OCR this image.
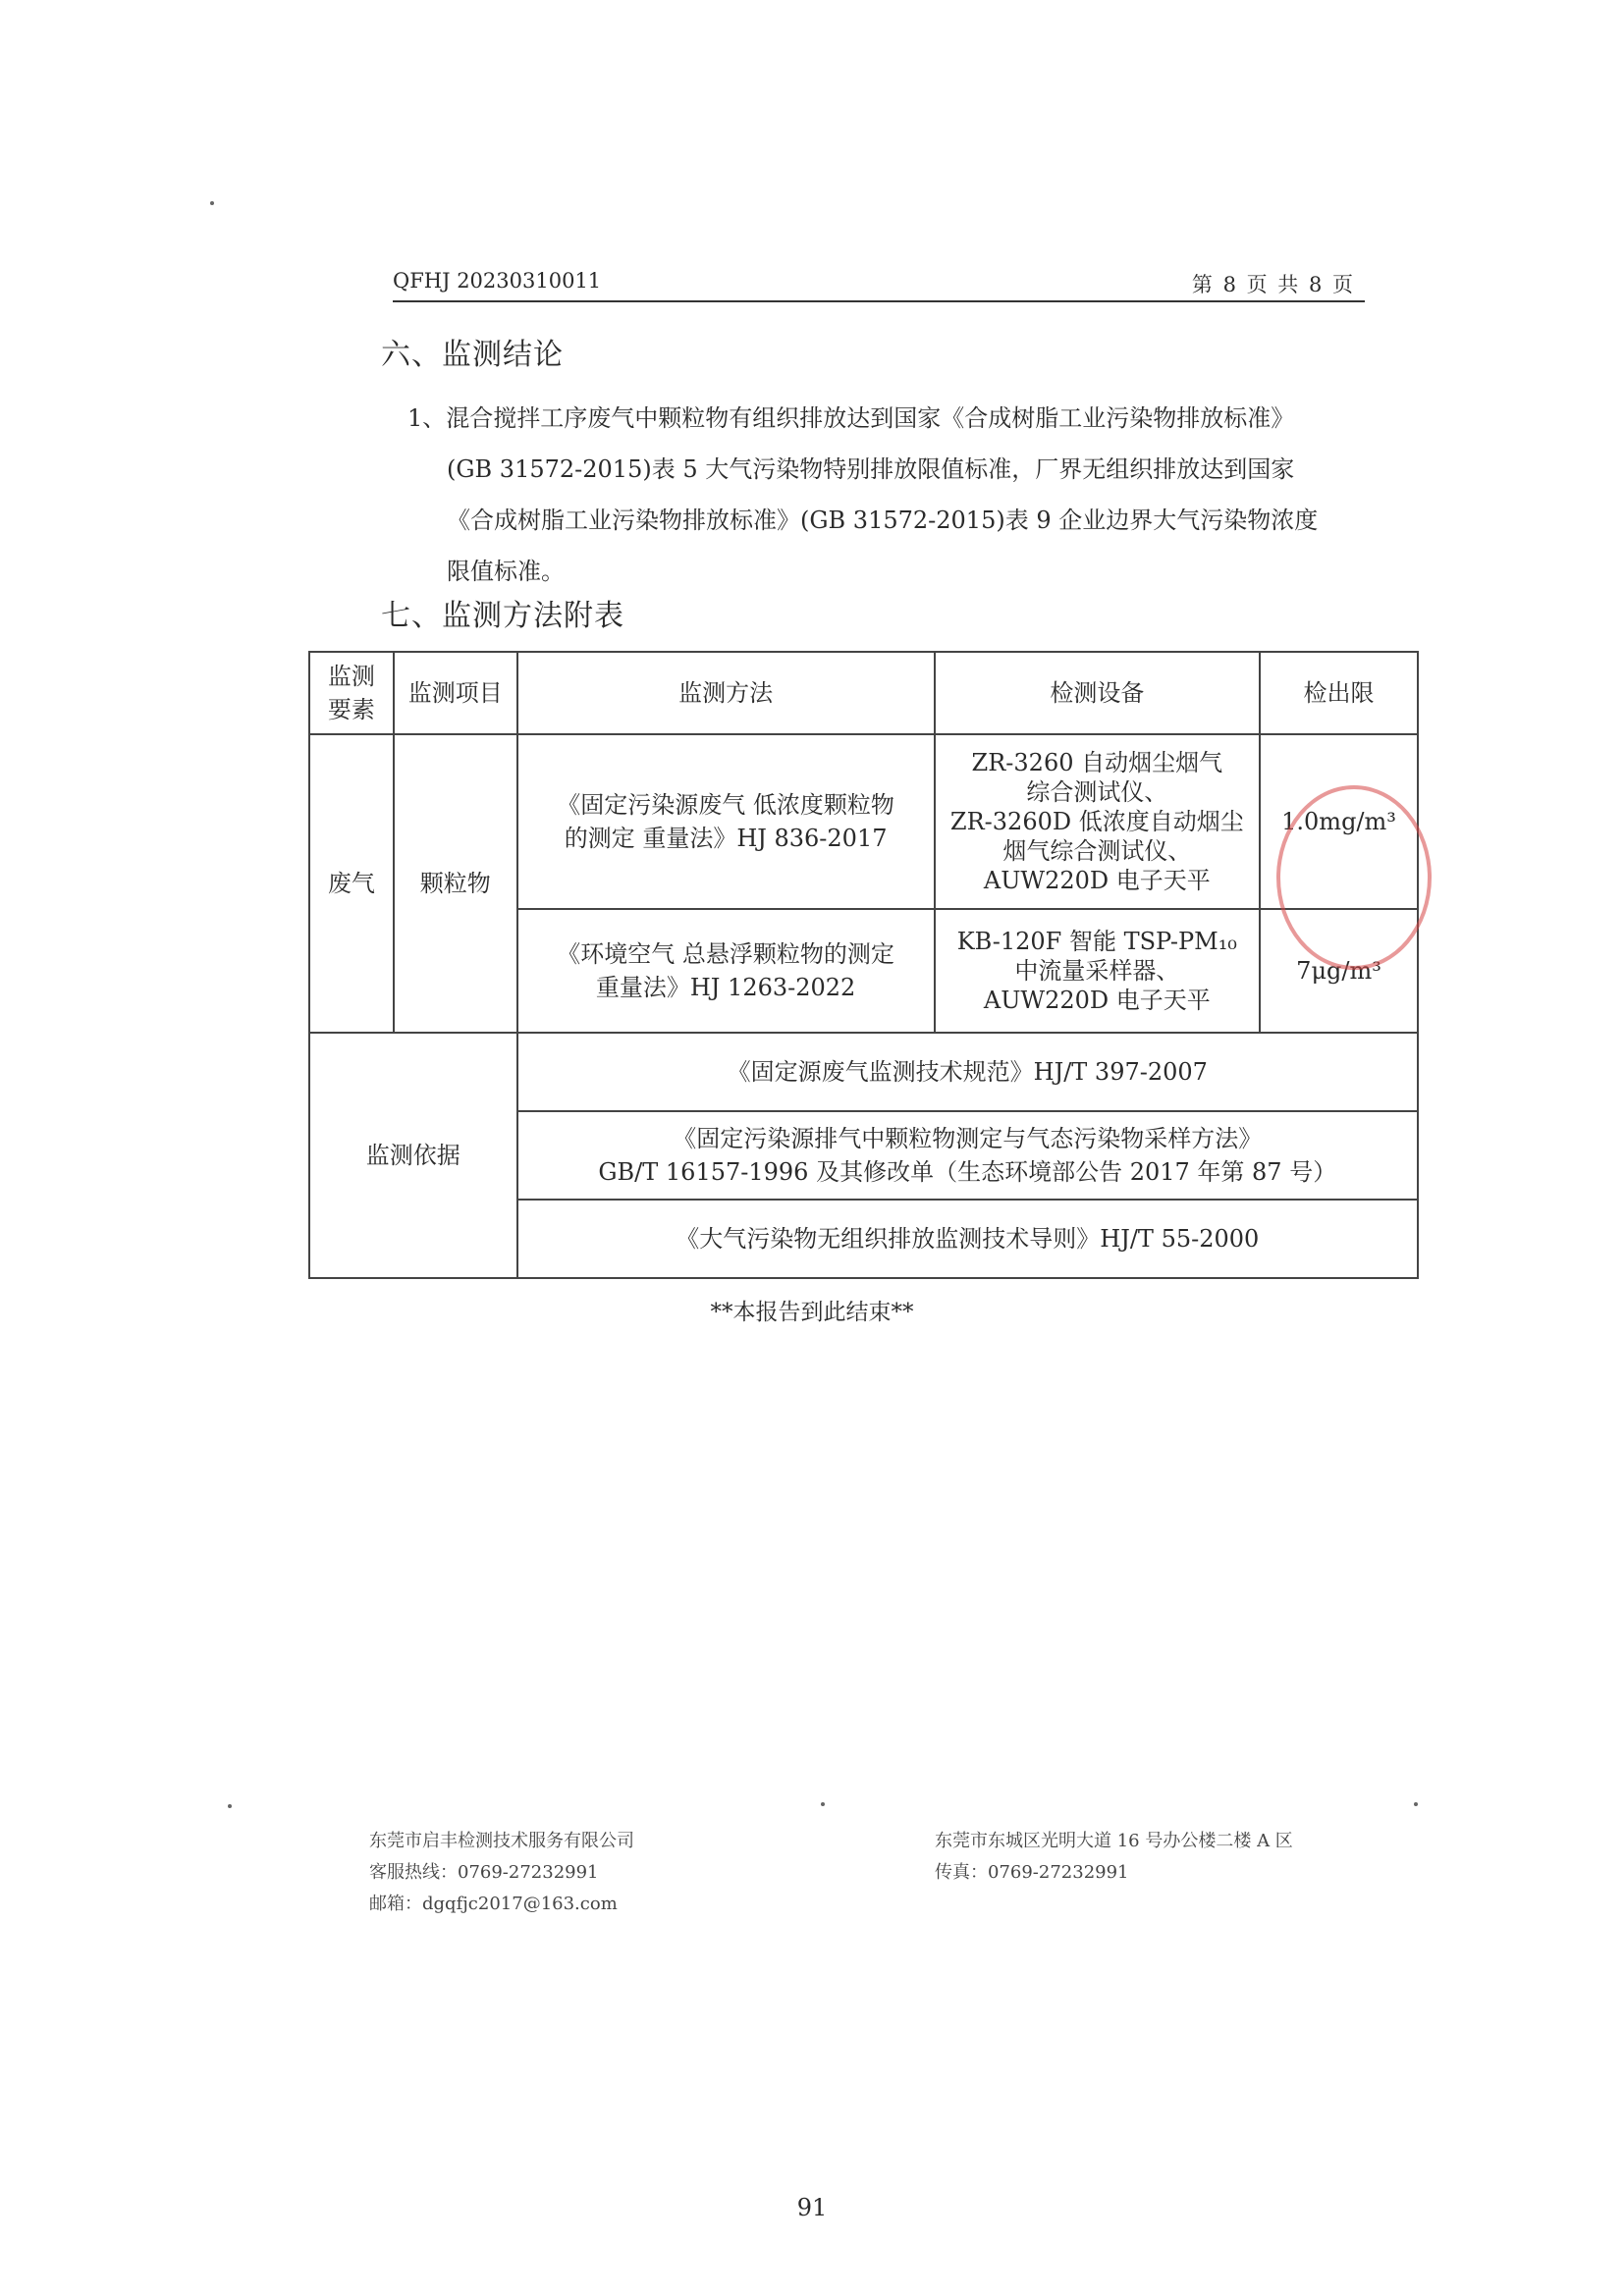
QFHJ 20230310011	第 8 页 共 8 页
六、监测结论
1、混合搅拌工序废气中颗粒物有组织排放达到国家《合成树脂工业污染物排放标准》
(GB 31572-2015)表 5 大气污染物特别排放限值标准，厂界无组织排放达到国家
《合成树脂工业污染物排放标准》(GB 31572-2015)表 9 企业边界大气污染物浓度
限值标准。
七、监测方法附表
监测
要素	监测项目	监测方法	检测设备	检出限
废气	颗粒物	《固定污染源废气 低浓度颗粒物
的测定 重量法》HJ 836-2017	ZR-3260 自动烟尘烟气
综合测试仪、
ZR-3260D 低浓度自动烟尘
烟气综合测试仪、
AUW220D 电子天平	1.0mg/m³

		《环境空气 总悬浮颗粒物的测定
重量法》HJ 1263-2022	KB-120F 智能 TSP-PM₁₀
中流量采样器、
AUW220D 电子天平	7μg/m³
监测依据		《固定源废气监测技术规范》HJ/T 397-2007		

		《固定污染源排气中颗粒物测定与气态污染物采样方法》
GB/T 16157-1996 及其修改单（生态环境部公告 2017 年第 87 号）		

		《大气污染物无组织排放监测技术导则》HJ/T 55-2000		
**本报告到此结束**
东莞市启丰检测技术服务有限公司
客服热线：0769-27232991
邮箱：dgqfjc2017@163.com
东莞市东城区光明大道 16 号办公楼二楼 A 区
传真：0769-27232991
91
